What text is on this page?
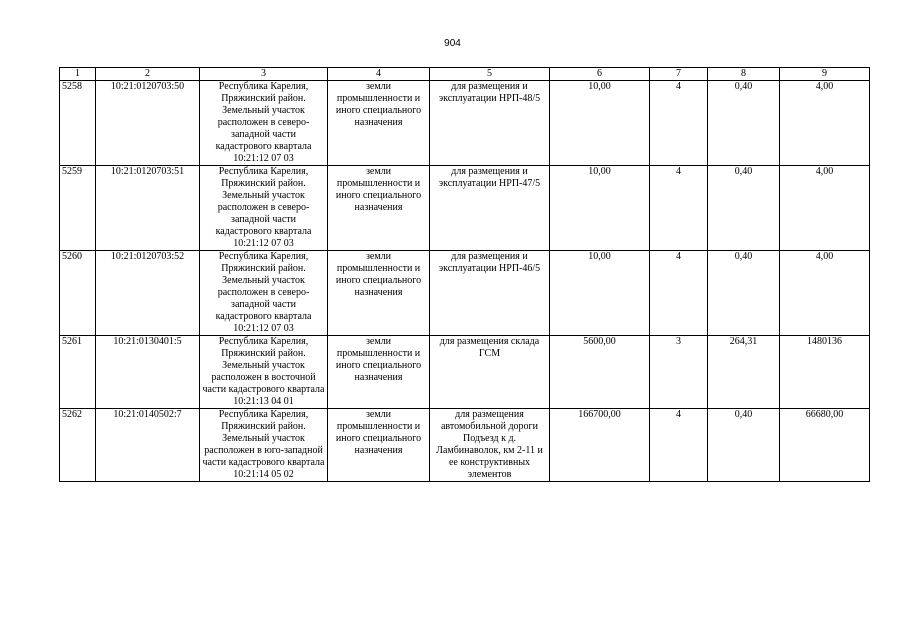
904
1	2	3	4	5	6	7	8	9
5258	10:21:0120703:50	Республика Карелия, Пряжинский район. Земельный участок расположен в северо-западной части кадастрового квартала 10:21:12 07 03	земли промышленности и иного специального назначения	для размещения и эксплуатации НРП-48/5	10,00	4	0,40	4,00
5259	10:21:0120703:51	Республика Карелия, Пряжинский район. Земельный участок расположен в северо-западной части кадастрового квартала 10:21:12 07 03	земли промышленности и иного специального назначения	для размещения и эксплуатации НРП-47/5	10,00	4	0,40	4,00
5260	10:21:0120703:52	Республика Карелия, Пряжинский район. Земельный участок расположен в северо-западной части кадастрового квартала 10:21:12 07 03	земли промышленности и иного специального назначения	для размещения и эксплуатации НРП-46/5	10,00	4	0,40	4,00
5261	10:21:0130401:5	Республика Карелия, Пряжинский район. Земельный участок расположен в восточной части кадастрового квартала 10:21:13 04 01	земли промышленности и иного специального назначения	для размещения склада ГСМ	5600,00	3	264,31	1480136
5262	10:21:0140502:7	Республика Карелия, Пряжинский район. Земельный участок расположен в юго-западной части кадастрового квартала 10:21:14 05 02	земли промышленности и иного специального назначения	для размещения автомобильной дороги Подъезд к д. Ламбинаволок, км 2-11 и ее конструктивных элементов	166700,00	4	0,40	66680,00
